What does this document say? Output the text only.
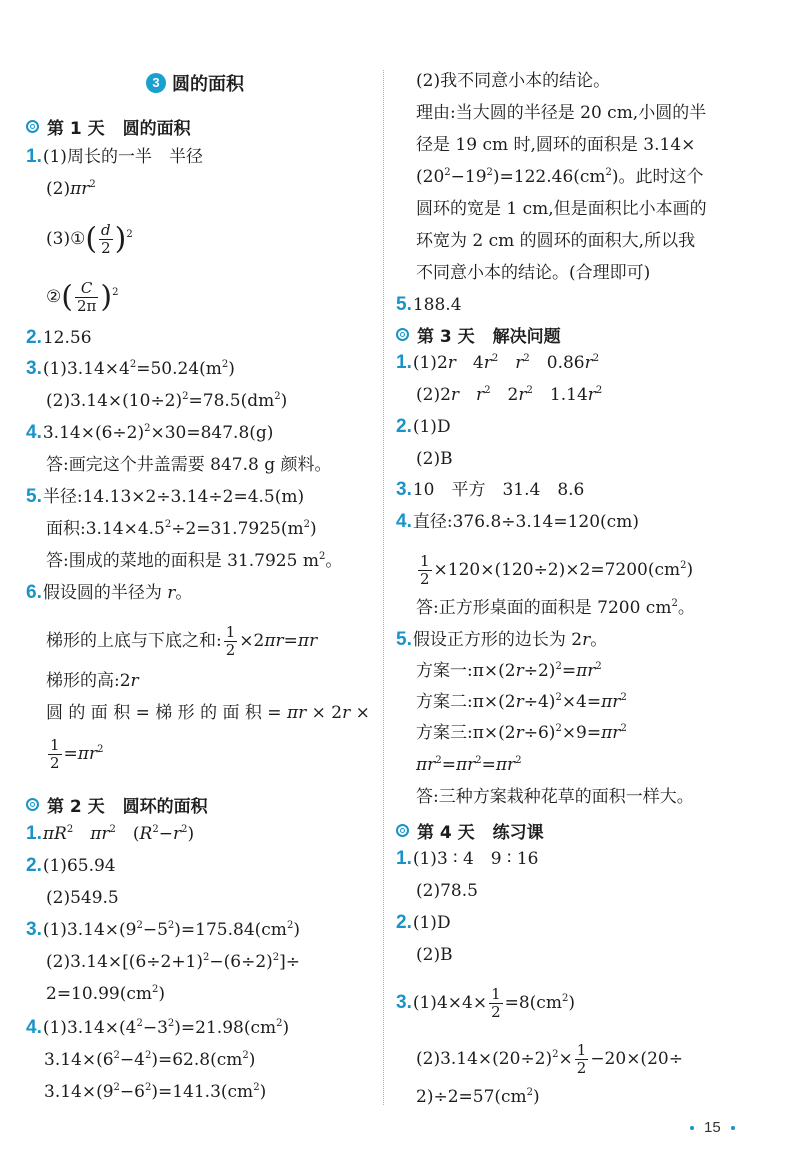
3 圆的面积
第 1 天 圆的面积
1.(1)周长的一半　半径
$(2)\pi r^2$
(3)①( $\frac{d}{2} )^2$
②( $\frac{C}{2\pi} )^2$
2.12.56
$3.(1)3.14\times 4^2=50.24(m^2)$
$(2)3.14\times(10\div 2)^2=78.5(dm^2)$
$4.3.14\times(6\div 2)^2\times 30=847.8(g)$
答:画完这个井盖需要 847.8 g 颜料。
5.半径:14.13×2÷3.14÷2=4.5(m)
面积$:3.14\times 4.5^2\div 2=31.7925(m^2)$
答:围成的菜地的面积是 31.7925 $m^2$。
6.假设圆的半径为 r。
梯形的上底与下底之和: $\frac{1}{2} \times 2\pi r=\pi r$
梯形的高:2r
圆 的 面 积 = 梯 形 的 面 积 = πr × 2r ×
$\frac{1}{2} =\pi r^2$
第 2 天 圆环的面积
$1.\pi R^2$　 $\pi r^2$　$(R^2-r^2)$
2.(1)65.94
(2)549.5
$3.(1)3.14\times(9^2-5^2)=175.84(cm^2)$
$(2)3.14\times[(6\div 2+1)^2-(6\div 2)^2]\div$
$2=10.99(cm^2)$
$4.(1)3.14\times(4^2-3^2)=21.98(cm^2)$
$3.14\times(6^2-4^2)=62.8(cm^2)$
$3.14\times(9^2-6^2)=141.3(cm^2)$
(2)我不同意小本的结论。
理由:当大圆的半径是 20 cm,小圆的半
径是 19 cm 时,圆环的面积是 3.14×
$(20^2-19^2)=122.46(cm^2)$。此时这个
圆环的宽是 1 cm,但是面积比小本画的
环宽为 2 cm 的圆环的面积大,所以我
不同意小本的结论。(合理即可)
5.188.4
第 3 天 解决问题
1.(1)2r　$4r^2$　 $r^2$　$0.86r^2$
(2)2r　 $r^2$　$2r^2$　$1.14r^2$
2.(1)D
(2)B
3.10　平方　31.4　8.6
4.直径:376.8÷3.14=120(cm)
$\frac{1}{2} \times 120\times(120\div 2)\times 2=7200(cm^2)$
答:正方形桌面的面积是 7200 $cm^2$。
5.假设正方形的边长为 2r。
方案一$:\pi\times(2r\div 2)^2=\pi r^2$
方案二$:\pi\times(2r\div 4)^2\times 4=\pi r^2$
方案三$:\pi\times(2r\div 6)^2\times 9=\pi r^2$
$\pi r^2=\pi r^2=\pi r^2$
答:三种方案栽种花草的面积一样大。
第 4 天 练习课
1.(1)3 ∶ 4　9 ∶ 16
(2)78.5
2.(1)D
(2)B
$3.(1)4\times 4\times \frac{1}{2} =8(cm^2)$
$(2)3.14\times(20\div 2)^2\times \frac{1}{2} -20\times(20\div$
$2)\div 2=57(cm^2)$
15
